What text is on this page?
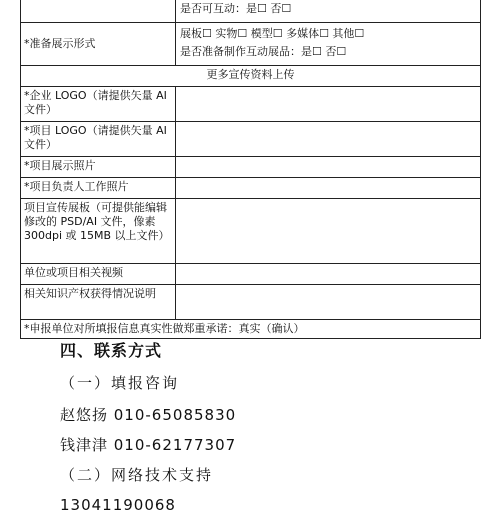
是否可互动：是☐ 否☐
*准备展示形式
展板☐ 实物☐ 模型☐ 多媒体☐ 其他☐
是否准备制作互动展品：是☐ 否☐
更多宣传资料上传
*企业 LOGO（请提供矢量 AI 文件）
*项目 LOGO（请提供矢量 AI 文件）
*项目展示照片
*项目负责人工作照片
项目宣传展板（可提供能编辑修改的 PSD/AI 文件，像素 300dpi 或 15MB 以上文件）
单位或项目相关视频
相关知识产权获得情况说明
*申报单位对所填报信息真实性做郑重承诺：真实（确认）
四、联系方式
（一）填报咨询
赵悠扬 010-65085830
钱津津 010-62177307
（二）网络技术支持
13041190068
